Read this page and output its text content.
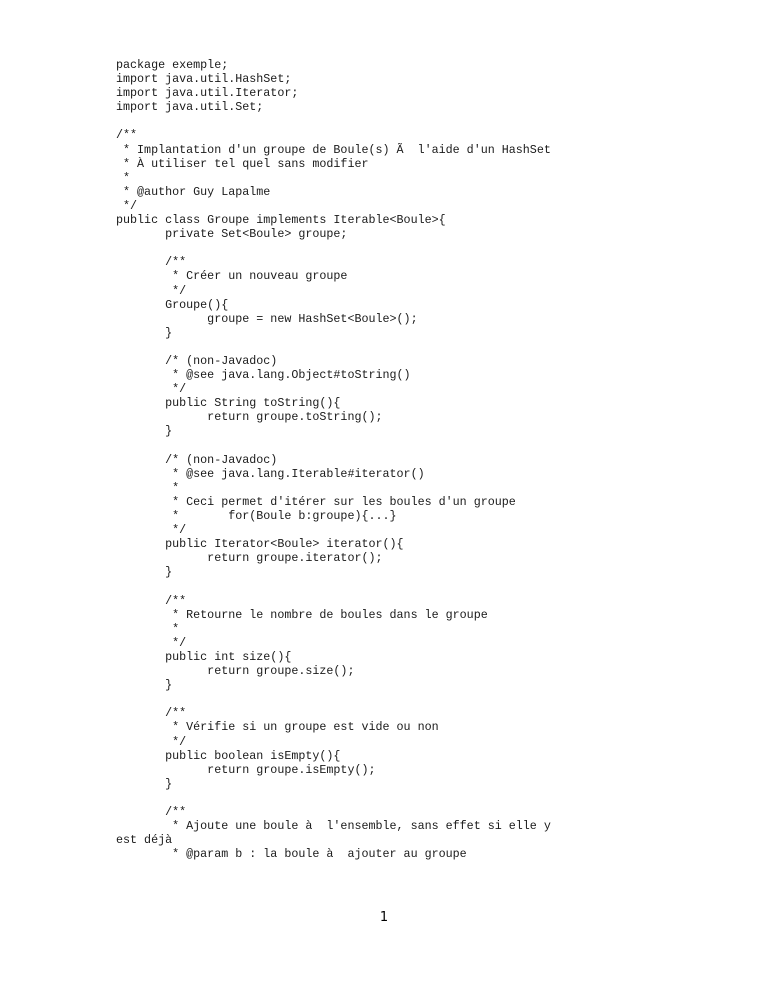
package exemple;
import java.util.HashSet;
import java.util.Iterator;
import java.util.Set;
/**
* Implantation d'un groupe de Boule(s) Ã  l'aide d'un HashSet
* À utiliser tel quel sans modifier
*
* @author Guy Lapalme
*/
public class Groupe implements Iterable<Boule>{
private Set<Boule> groupe;
/**
* Créer un nouveau groupe
*/
Groupe(){
groupe = new HashSet<Boule>();
}
/* (non-Javadoc)
* @see java.lang.Object#toString()
*/
public String toString(){
return groupe.toString();
}
/* (non-Javadoc)
* @see java.lang.Iterable#iterator()
*
* Ceci permet d'itérer sur les boules d'un groupe
*       for(Boule b:groupe){...}
*/
public Iterator<Boule> iterator(){
return groupe.iterator();
}
/**
* Retourne le nombre de boules dans le groupe
*
*/
public int size(){
return groupe.size();
}
/**
* Vérifie si un groupe est vide ou non
*/
public boolean isEmpty(){
return groupe.isEmpty();
}
/**
* Ajoute une boule à  l'ensemble, sans effet si elle y
est déjà
* @param b : la boule à  ajouter au groupe
1
